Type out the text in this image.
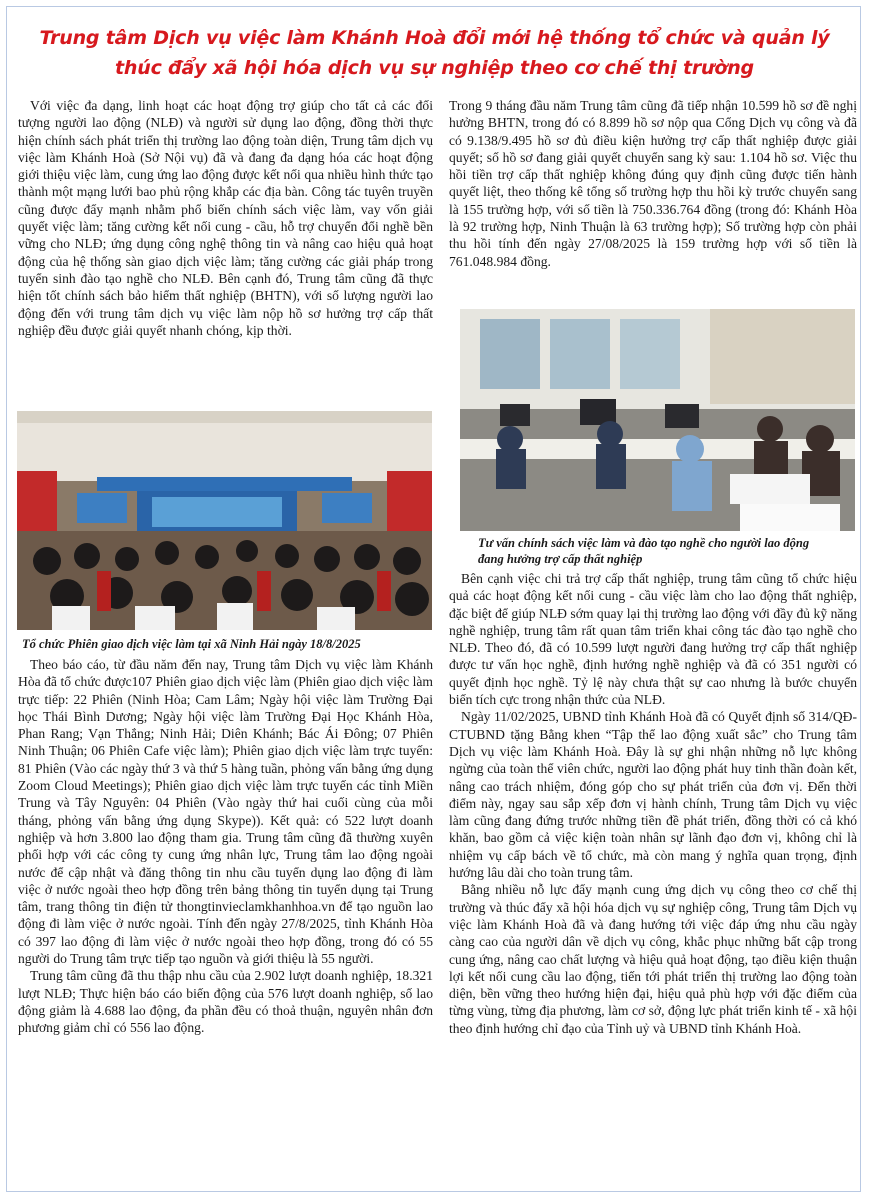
Trung tâm Dịch vụ việc làm Khánh Hoà đổi mới hệ thống tổ chức và quản lý
thúc đẩy xã hội hóa dịch vụ sự nghiệp theo cơ chế thị trường

Với việc đa dạng, linh hoạt các hoạt động trợ giúp cho tất cả các đối tượng người lao động (NLĐ) và người sử dụng lao động, đồng thời thực hiện chính sách phát triển thị trường lao động toàn diện, Trung tâm dịch vụ việc làm Khánh Hoà (Sở Nội vụ) đã và đang đa dạng hóa các hoạt động giới thiệu việc làm, cung ứng lao động được kết nối qua nhiều hình thức tạo thành một mạng lưới bao phủ rộng khắp các địa bàn. Công tác tuyên truyền cũng được đẩy mạnh nhằm phổ biến chính sách việc làm, vay vốn giải quyết việc làm; tăng cường kết nối cung - cầu, hỗ trợ chuyển đổi nghề bền vững cho NLĐ; ứng dụng công nghệ thông tin và nâng cao hiệu quả hoạt động của hệ thống sàn giao dịch việc làm; tăng cường các giải pháp trong tuyển sinh đào tạo nghề cho NLĐ. Bên cạnh đó, Trung tâm cũng đã thực hiện tốt chính sách bảo hiểm thất nghiệp (BHTN), với số lượng người lao động đến với trung tâm dịch vụ việc làm nộp hồ sơ hưởng trợ cấp thất nghiệp đều được giải quyết nhanh chóng, kịp thời.

Tổ chức Phiên giao dịch việc làm tại xã Ninh Hải ngày 18/8/2025

Theo báo cáo, từ đầu năm đến nay, Trung tâm Dịch vụ việc làm Khánh Hòa đã tổ chức được107 Phiên giao dịch việc làm (Phiên giao dịch việc làm trực tiếp: 22 Phiên (Ninh Hòa; Cam Lâm; Ngày hội việc làm Trường Đại học Thái Bình Dương; Ngày hội việc làm Trường Đại Học Khánh Hòa, Phan Rang; Vạn Thắng; Ninh Hải; Diên Khánh; Bác Ái Đông; 07 Phiên Ninh Thuận; 06 Phiên Cafe việc làm); Phiên giao dịch việc làm trực tuyến: 81 Phiên (Vào các ngày thứ 3 và thứ 5 hàng tuần, phỏng vấn bằng ứng dụng Zoom Cloud Meetings); Phiên giao dịch việc làm trực tuyến các tỉnh Miền Trung và Tây Nguyên: 04 Phiên (Vào ngày thứ hai cuối cùng của mỗi tháng, phỏng vấn bằng ứng dụng Skype)). Kết quả: có 522 lượt doanh nghiệp và hơn 3.800 lao động tham gia. Trung tâm cũng đã thường xuyên phối hợp với các công ty cung ứng nhân lực, Trung tâm lao động ngoài nước để cập nhật và đăng thông tin nhu cầu tuyển dụng lao động đi làm việc ở nước ngoài theo hợp đồng trên bảng thông tin tuyển dụng tại Trung tâm, trang thông tin điện tử thongtinvieclamkhanhhoa.vn để tạo nguồn lao động đi làm việc ở nước ngoài. Tính đến ngày 27/8/2025, tỉnh Khánh Hòa có 397 lao động đi làm việc ở nước ngoài theo hợp đồng, trong đó có 55 người do Trung tâm trực tiếp tạo nguồn và giới thiệu là 55 người.

Trung tâm cũng đã thu thập nhu cầu của 2.902 lượt doanh nghiệp, 18.321 lượt NLĐ; Thực hiện báo cáo biến động của 576 lượt doanh nghiệp, số lao động giảm là 4.688 lao động, đa phần đều có thoả thuận, nguyên nhân đơn phương giảm chỉ có 556 lao động.

Trong 9 tháng đầu năm Trung tâm cũng đã tiếp nhận 10.599 hồ sơ đề nghị hưởng BHTN, trong đó có 8.899 hồ sơ nộp qua Cổng Dịch vụ công và đã có 9.138/9.495 hồ sơ đủ điều kiện hưởng trợ cấp thất nghiệp được giải quyết; số hồ sơ đang giải quyết chuyển sang kỳ sau: 1.104 hồ sơ. Việc thu hồi tiền trợ cấp thất nghiệp không đúng quy định cũng được tiến hành quyết liệt, theo thống kê tổng số trường hợp thu hồi kỳ trước chuyển sang là 155 trường hợp, với số tiền là 750.336.764 đồng (trong đó: Khánh Hòa là 92 trường hợp, Ninh Thuận là 63 trường hợp); Số trường hợp còn phải thu hồi tính đến ngày 27/08/2025 là 159 trường hợp với số tiền là 761.048.984 đồng.

Tư vấn chính sách việc làm và đào tạo nghề cho người lao động
đang hưởng trợ cấp thất nghiệp

Bên cạnh việc chi trả trợ cấp thất nghiệp, trung tâm cũng tổ chức hiệu quả các hoạt động kết nối cung - cầu việc làm cho lao động thất nghiệp, đặc biệt để giúp NLĐ sớm quay lại thị trường lao động với đầy đủ kỹ năng nghề nghiệp, trung tâm rất quan tâm triển khai công tác đào tạo nghề cho NLĐ. Theo đó, đã có 10.599 lượt người đang hưởng trợ cấp thất nghiệp được tư vấn học nghề, định hướng nghề nghiệp và đã có 351 người có quyết định học nghề. Tỷ lệ này chưa thật sự cao nhưng là bước chuyển biến tích cực trong nhận thức của NLĐ.

Ngày 11/02/2025, UBND tỉnh Khánh Hoà đã có Quyết định số 314/QĐ-CTUBND tặng Bằng khen “Tập thể lao động xuất sắc” cho Trung tâm Dịch vụ việc làm Khánh Hoà. Đây là sự ghi nhận những nỗ lực không ngừng của toàn thể viên chức, người lao động phát huy tinh thần đoàn kết, nâng cao trách nhiệm, đóng góp cho sự phát triển của đơn vị. Đến thời điểm này, ngay sau sắp xếp đơn vị hành chính, Trung tâm Dịch vụ việc làm cũng đang đứng trước những tiền đề phát triển, đồng thời có cả khó khăn, bao gồm cả việc kiện toàn nhân sự lãnh đạo đơn vị, không chỉ là nhiệm vụ cấp bách về tổ chức, mà còn mang ý nghĩa quan trọng, định hướng lâu dài cho toàn trung tâm.

Bằng nhiều nỗ lực đẩy mạnh cung ứng dịch vụ công theo cơ chế thị trường và thúc đẩy xã hội hóa dịch vụ sự nghiệp công, Trung tâm Dịch vụ việc làm Khánh Hoà đã và đang hướng tới việc đáp ứng nhu cầu ngày càng cao của người dân về dịch vụ công, khắc phục những bất cập trong cung ứng, nâng cao chất lượng và hiệu quả hoạt động, tạo điều kiện thuận lợi kết nối cung cầu lao động, tiến tới phát triển thị trường lao động toàn diện, bền vững theo hướng hiện đại, hiệu quả phù hợp với đặc điểm của từng vùng, từng địa phương, làm cơ sở, động lực phát triển kinh tế - xã hội theo định hướng chỉ đạo của Tỉnh uỷ và UBND tỉnh Khánh Hoà.
